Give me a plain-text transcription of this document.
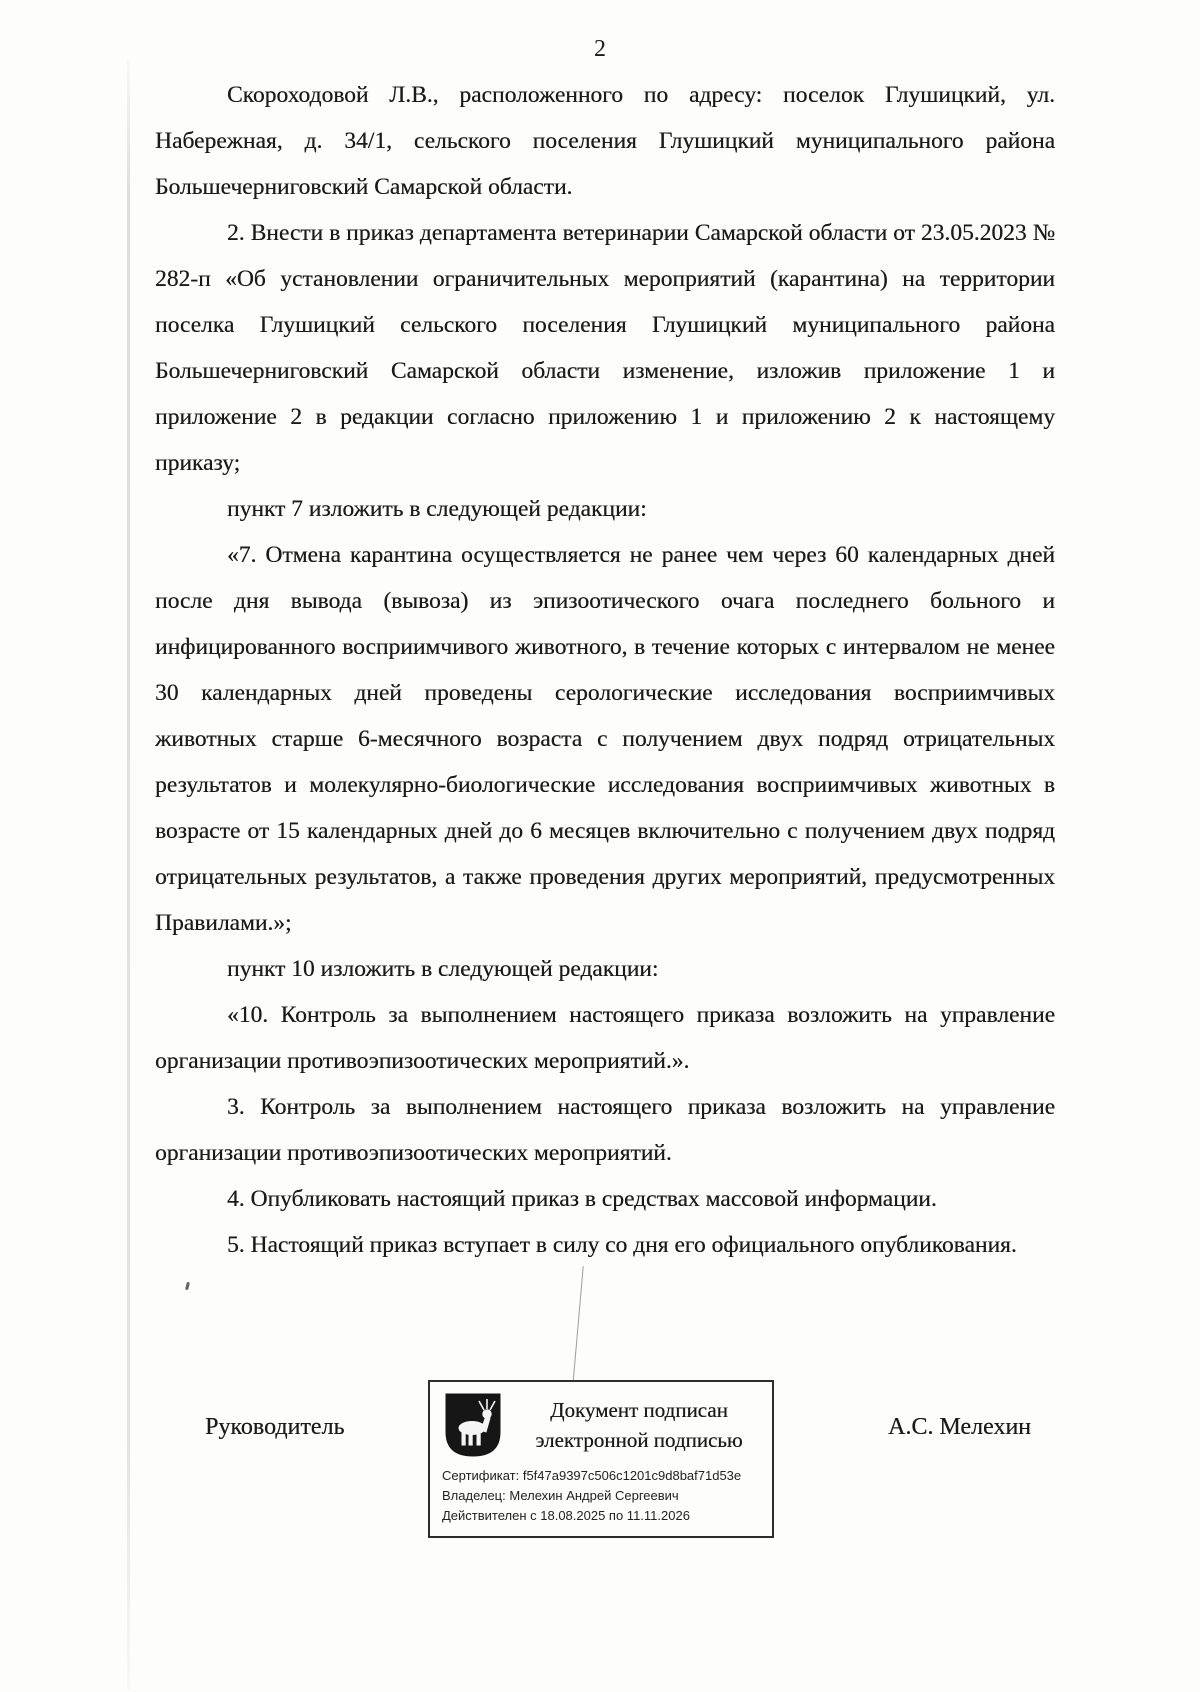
2

Скороходовой Л.В., расположенного по адресу: поселок Глушицкий, ул. Набережная, д. 34/1, сельского поселения Глушицкий муниципального района Большечерниговский Самарской области.

2. Внести в приказ департамента ветеринарии Самарской области от 23.05.2023 № 282-п «Об установлении ограничительных мероприятий (карантина) на территории поселка Глушицкий сельского поселения Глушицкий муниципального района Большечерниговский Самарской области изменение, изложив приложение 1 и приложение 2 в редакции согласно приложению 1 и приложению 2 к настоящему приказу;

пункт 7 изложить в следующей редакции:

«7. Отмена карантина осуществляется не ранее чем через 60 календарных дней после дня вывода (вывоза) из эпизоотического очага последнего больного и инфицированного восприимчивого животного, в течение которых с интервалом не менее 30 календарных дней проведены серологические исследования восприимчивых животных старше 6-месячного возраста с получением двух подряд отрицательных результатов и молекулярно-биологические исследования восприимчивых животных в возрасте от 15 календарных дней до 6 месяцев включительно с получением двух подряд отрицательных результатов, а также проведения других мероприятий, предусмотренных Правилами.»;

пункт 10 изложить в следующей редакции:

«10. Контроль за выполнением настоящего приказа возложить на управление организации противоэпизоотических мероприятий.».

3. Контроль за выполнением настоящего приказа возложить на управление организации противоэпизоотических мероприятий.

4. Опубликовать настоящий приказ в средствах массовой информации.

5. Настоящий приказ вступает в силу со дня его официального опубликования.

Руководитель
Документ подписан
электронной подписью
Сертификат: f5f47a9397c506c1201c9d8baf71d53e
Владелец: Мелехин Андрей Сергеевич
Действителен с 18.08.2025 по 11.11.2026
А.С. Мелехин
